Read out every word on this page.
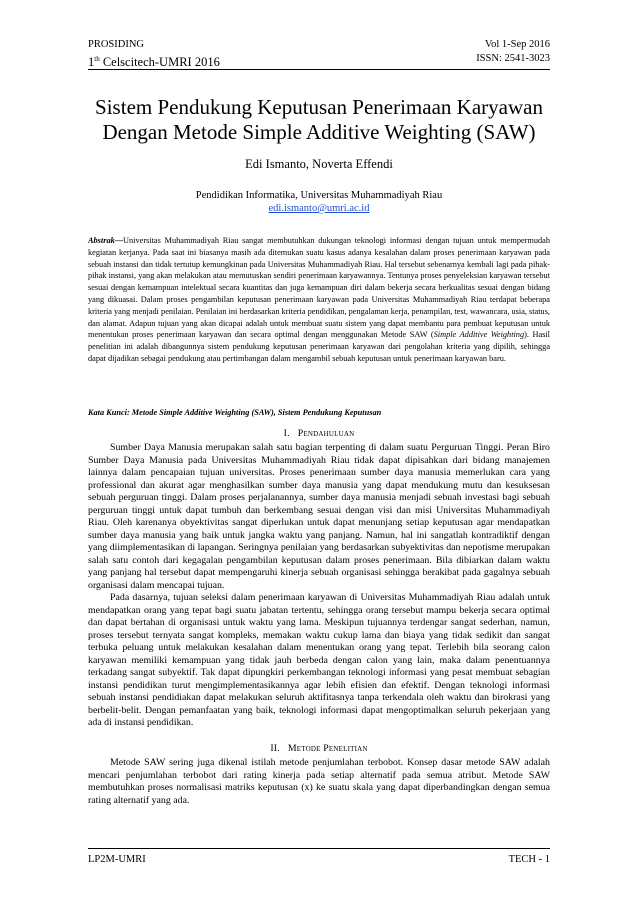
PROSIDING	Vol 1-Sep 2016
1th Celscitech-UMRI 2016	ISSN: 2541-3023
Sistem Pendukung Keputusan Penerimaan Karyawan
Dengan Metode Simple Additive Weighting (SAW)
Edi Ismanto, Noverta Effendi
Pendidikan Informatika, Universitas Muhammadiyah Riau
edi.ismanto@umri.ac.id
Abstrak—Universitas Muhammadiyah Riau sangat membutuhkan dukungan teknologi informasi dengan tujuan untuk mempermudah kegiatan kerjanya. Pada saat ini biasanya masih ada ditemukan suatu kasus adanya kesalahan dalam proses penerimaan karyawan pada sebuah instansi dan tidak tertutup kemungkinan pada Universitas Muhammadiyah Riau. Hal tersebut sebenarnya kembali lagi pada pihak-pihak instansi, yang akan melakukan atau memutuskan sendiri penerimaan karyawannya. Tentunya proses penyeleksian karyawan tersebut sesuai dengan kemampuan intelektual secara kuantitas dan juga kemampuan diri dalam bekerja secara berkualitas sesuai dengan bidang yang dikuasai. Dalam proses pengambilan keputusan penerimaan karyawan pada Universitas Muhammadiyah Riau terdapat beberapa kriteria yang menjadi penilaian. Penilaian ini berdasarkan kriteria pendidikan, pengalaman kerja, penampilan, test, wawancara, usia, status, dan alamat. Adapun tujuan yang akan dicapai adalah untuk membuat suatu sistem yang dapat membantu para pembuat keputusan untuk menentukan proses penerimaan karyawan dan secara optimal dengan menggunakan Metode SAW (Simple Additive Weighting). Hasil penelitian ini adalah dibangunnya sistem pendukung keputusan penerimaan karyawan dari pengolahan kriteria yang dipilih, sehingga dapat dijadikan sebagai pendukung atau pertimbangan dalam mengambil sebuah keputusan untuk penerimaan karyawan baru.
Kata Kunci: Metode Simple Additive Weighting (SAW), Sistem Pendukung Keputusan
I. Pendahuluan

Sumber Daya Manusia merupakan salah satu bagian terpenting di dalam suatu Perguruan Tinggi. Peran Biro Sumber Daya Manusia pada Universitas Muhammadiyah Riau tidak dapat dipisahkan dari bidang manajemen lainnya dalam pencapaian tujuan universitas. Proses penerimaan sumber daya manusia memerlukan cara yang professional dan akurat agar menghasilkan sumber daya manusia yang dapat mendukung mutu dan kesuksesan sebuah perguruan tinggi. Dalam proses perjalanannya, sumber daya manusia menjadi sebuah investasi bagi sebuah perguruan tinggi untuk dapat tumbuh dan berkembang sesuai dengan visi dan misi Universitas Muhammadiyah Riau. Oleh karenanya obyektivitas sangat diperlukan untuk dapat menunjang setiap keputusan agar mendapatkan sumber daya manusia yang baik untuk jangka waktu yang panjang. Namun, hal ini sangatlah kontradiktif dengan yang diimplementasikan di lapangan. Seringnya penilaian yang berdasarkan subyektivitas dan nepotisme merupakan salah satu contoh dari kegagalan pengambilan keputusan dalam proses penerimaan. Bila dibiarkan dalam waktu yang panjang hal tersebut dapat mempengaruhi kinerja sebuah organisasi sehingga berakibat pada gagalnya sebuah organisasi dalam mencapai tujuan.

Pada dasarnya, tujuan seleksi dalam penerimaan karyawan di Universitas Muhammadiyah Riau adalah untuk mendapatkan orang yang tepat bagi suatu jabatan tertentu, sehingga orang tersebut mampu bekerja secara optimal dan dapat bertahan di organisasi untuk waktu yang lama. Meskipun tujuannya terdengar sangat sederhan, namun, proses tersebut ternyata sangat kompleks, memakan waktu cukup lama dan biaya yang tidak sedikit dan sangat terbuka peluang untuk melakukan kesalahan dalam menentukan orang yang tepat. Terlebih bila seorang calon karyawan memiliki kemampuan yang tidak jauh berbeda dengan calon yang lain, maka dalam penentuannya terkadang sangat subyektif. Tak dapat dipungkiri perkembangan teknologi informasi yang pesat membuat sebagian instansi pendidikan turut mengimplementasikannya agar lebih efisien dan efektif. Dengan teknologi informasi sebuah instansi pendidiakan dapat melakukan seluruh aktifitasnya tanpa terkendala oleh waktu dan birokrasi yang berbelit-belit. Dengan pemanfaatan yang baik, teknologi informasi dapat mengoptimalkan seluruh pekerjaan yang ada di instansi pendidikan.

II. Metode Penelitian

Metode SAW sering juga dikenal istilah metode penjumlahan terbobot. Konsep dasar metode SAW adalah mencari penjumlahan terbobot dari rating kinerja pada setiap alternatif pada semua atribut. Metode SAW membutuhkan proses normalisasi matriks keputusan (x) ke suatu skala yang dapat diperbandingkan dengan semua rating alternatif yang ada.

LP2M-UMRI	TECH - 1
